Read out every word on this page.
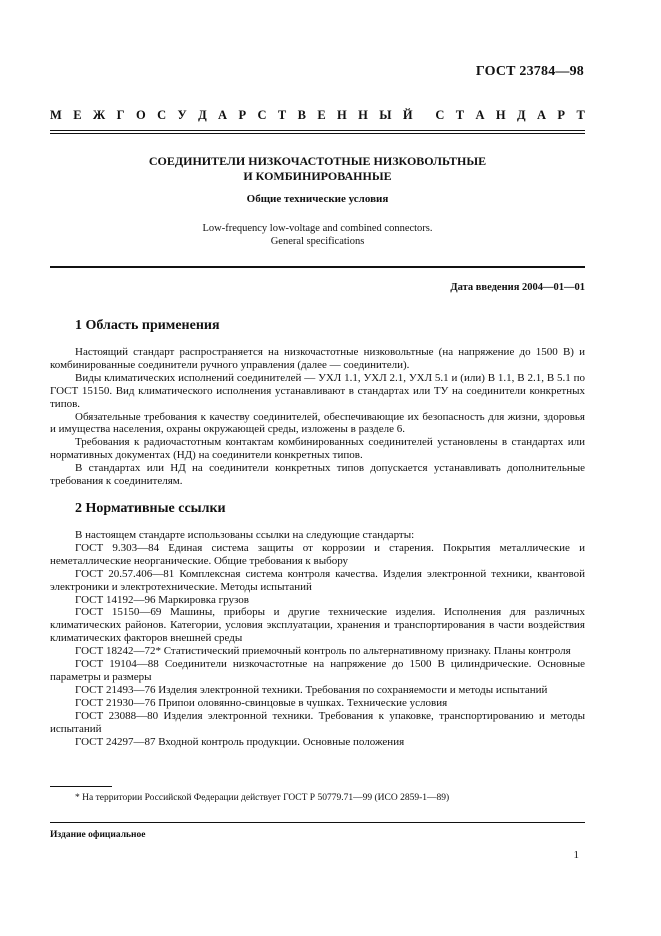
ГОСТ 23784—98
М Е Ж Г О С У Д А Р С Т В Е Н Н Ы Й С Т А Н Д А Р Т
СОЕДИНИТЕЛИ НИЗКОЧАСТОТНЫЕ НИЗКОВОЛЬТНЫЕ
И КОМБИНИРОВАННЫЕ
Общие технические условия
Low-frequency low-voltage and combined connectors.
General specifications
Дата введения 2004—01—01
1 Область применения

Настоящий стандарт распространяется на низкочастотные низковольтные (на напряжение до 1500 В) и комбинированные соединители ручного управления (далее — соединители).

Виды климатических исполнений соединителей — УХЛ 1.1, УХЛ 2.1, УХЛ 5.1 и (или) В 1.1, В 2.1, В 5.1 по ГОСТ 15150. Вид климатического исполнения устанавливают в стандартах или ТУ на соединители конкретных типов.

Обязательные требования к качеству соединителей, обеспечивающие их безопасность для жизни, здоровья и имущества населения, охраны окружающей среды, изложены в разделе 6.

Требования к радиочастотным контактам комбинированных соединителей установлены в стандартах или нормативных документах (НД) на соединители конкретных типов.

В стандартах или НД на соединители конкретных типов допускается устанавливать дополнительные требования к соединителям.

2 Нормативные ссылки

В настоящем стандарте использованы ссылки на следующие стандарты:

ГОСТ 9.303—84 Единая система защиты от коррозии и старения. Покрытия металлические и неметаллические неорганические. Общие требования к выбору

ГОСТ 20.57.406—81 Комплексная система контроля качества. Изделия электронной техники, квантовой электроники и электротехнические. Методы испытаний

ГОСТ 14192—96 Маркировка грузов

ГОСТ 15150—69 Машины, приборы и другие технические изделия. Исполнения для различных климатических районов. Категории, условия эксплуатации, хранения и транспортирования в части воздействия климатических факторов внешней среды

ГОСТ 18242—72* Статистический приемочный контроль по альтернативному признаку. Планы контроля

ГОСТ 19104—88 Соединители низкочастотные на напряжение до 1500 В цилиндрические. Основные параметры и размеры

ГОСТ 21493—76 Изделия электронной техники. Требования по сохраняемости и методы испытаний

ГОСТ 21930—76 Припои оловянно-свинцовые в чушках. Технические условия

ГОСТ 23088—80 Изделия электронной техники. Требования к упаковке, транспортированию и методы испытаний

ГОСТ 24297—87 Входной контроль продукции. Основные положения

* На территории Российской Федерации действует ГОСТ Р 50779.71—99 (ИСО 2859-1—89)
Издание официальное
1
